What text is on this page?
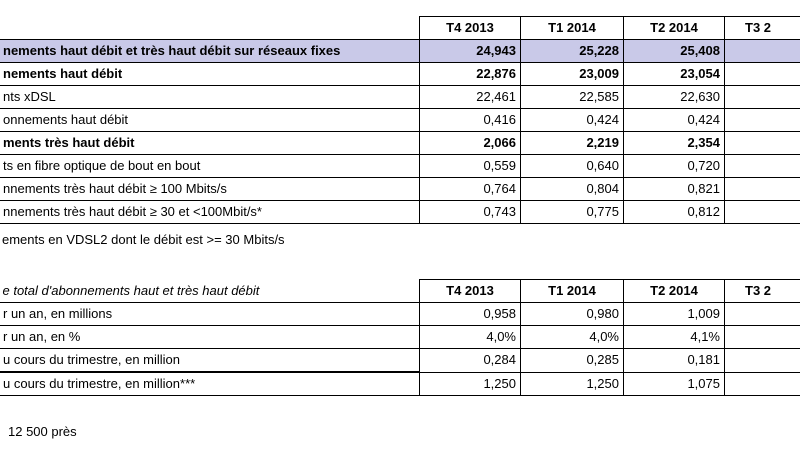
	T4 2013	T1 2014	T2 2014	T3 2
nements haut débit et très haut débit sur réseaux fixes	24,943	25,228	25,408	
nements haut débit	22,876	23,009	23,054	
nts xDSL	22,461	22,585	22,630	
onnements haut débit	0,416	0,424	0,424	
ments très haut débit	2,066	2,219	2,354	
ts en fibre optique de bout en bout	0,559	0,640	0,720	
nnements très haut débit ≥ 100 Mbits/s	0,764	0,804	0,821	
nnements très haut débit ≥ 30 et <100Mbit/s*	0,743	0,775	0,812	
ements en VDSL2 dont le débit est >= 30 Mbits/s
e total d'abonnements haut et très haut débit	T4 2013	T1 2014	T2 2014	T3 2
r un an, en millions	0,958	0,980	1,009	
r un an, en %	4,0%	4,0%	4,1%	
u cours du trimestre, en million	0,284	0,285	0,181	
u cours du trimestre, en million***	1,250	1,250	1,075	
12 500 près
